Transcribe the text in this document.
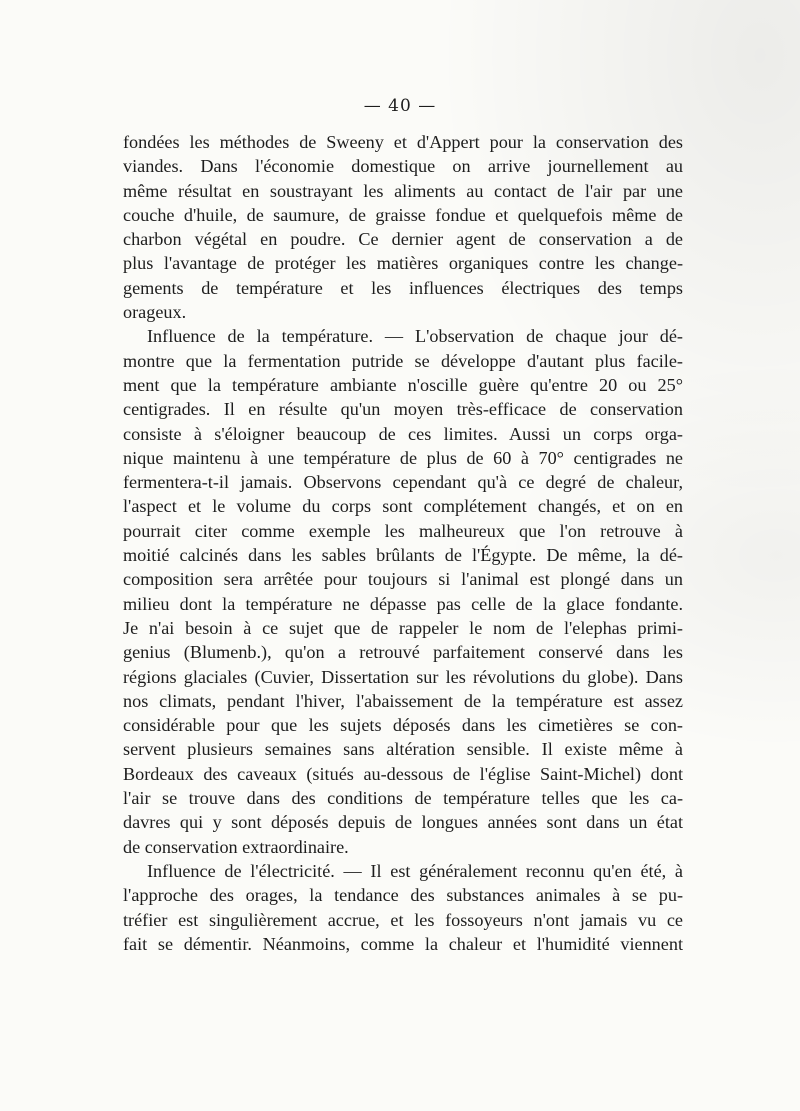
— 40 —
fondées les méthodes de Sweeny et d'Appert pour la conservation des
viandes. Dans l'économie domestique on arrive journellement au
même résultat en soustrayant les aliments au contact de l'air par une
couche d'huile, de saumure, de graisse fondue et quelquefois même de
charbon végétal en poudre. Ce dernier agent de conservation a de
plus l'avantage de protéger les matières organiques contre les change-
gements de température et les influences électriques des temps
orageux.
Influence de la température. — L'observation de chaque jour dé-
montre que la fermentation putride se développe d'autant plus facile-
ment que la température ambiante n'oscille guère qu'entre 20 ou 25°
centigrades. Il en résulte qu'un moyen très-efficace de conservation
consiste à s'éloigner beaucoup de ces limites. Aussi un corps orga-
nique maintenu à une température de plus de 60 à 70° centigrades ne
fermentera-t-il jamais. Observons cependant qu'à ce degré de chaleur,
l'aspect et le volume du corps sont complétement changés, et on en
pourrait citer comme exemple les malheureux que l'on retrouve à
moitié calcinés dans les sables brûlants de l'Égypte. De même, la dé-
composition sera arrêtée pour toujours si l'animal est plongé dans un
milieu dont la température ne dépasse pas celle de la glace fondante.
Je n'ai besoin à ce sujet que de rappeler le nom de l'elephas primi-
genius (Blumenb.), qu'on a retrouvé parfaitement conservé dans les
régions glaciales (Cuvier, Dissertation sur les révolutions du globe). Dans
nos climats, pendant l'hiver, l'abaissement de la température est assez
considérable pour que les sujets déposés dans les cimetières se con-
servent plusieurs semaines sans altération sensible. Il existe même à
Bordeaux des caveaux (situés au-dessous de l'église Saint-Michel) dont
l'air se trouve dans des conditions de température telles que les ca-
davres qui y sont déposés depuis de longues années sont dans un état
de conservation extraordinaire.
Influence de l'électricité. — Il est généralement reconnu qu'en été, à
l'approche des orages, la tendance des substances animales à se pu-
tréfier est singulièrement accrue, et les fossoyeurs n'ont jamais vu ce
fait se démentir. Néanmoins, comme la chaleur et l'humidité viennent
